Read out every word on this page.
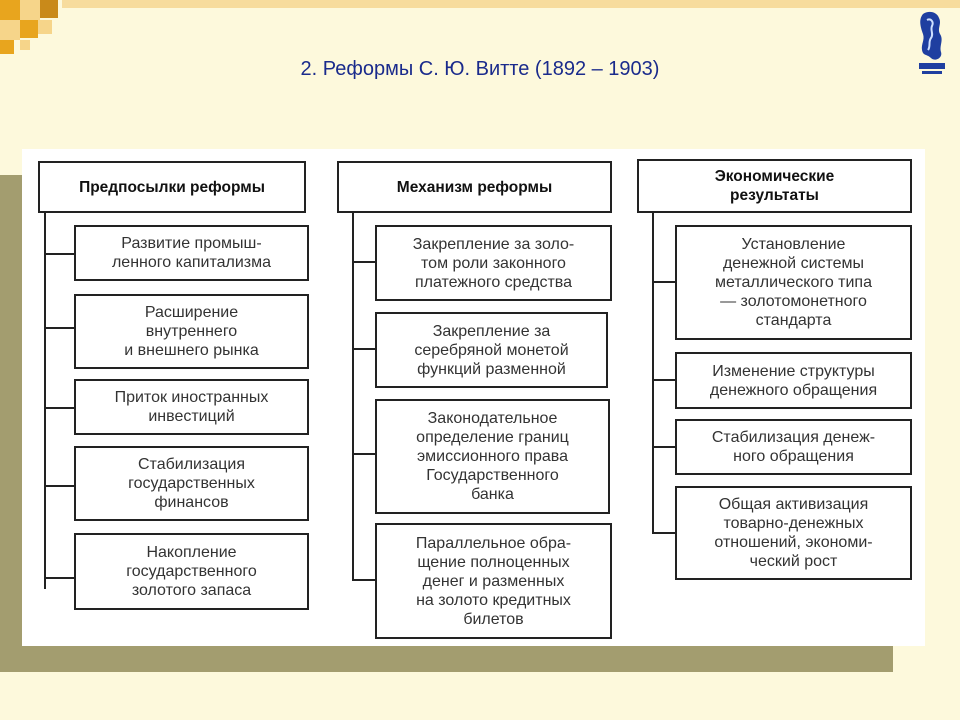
2. Реформы С. Ю. Витте (1892 – 1903)
Предпосылки реформы
Развитие промыш-
ленного капитализма
Расширение
внутреннего
и внешнего рынка
Приток иностранных
инвестиций
Стабилизация
государственных
финансов
Накопление
государственного
золотого запаса
Механизм реформы
Закрепление за золо-
том роли законного
платежного средства
Закрепление за
серебряной монетой
функций разменной
Законодательное
определение границ
эмиссионного права
Государственного
банка
Параллельное обра-
щение полноценных
денег и разменных
на золото кредитных
билетов
Экономические
результаты
Установление
денежной системы
металлического типа
— золотомонетного
стандарта
Изменение структуры
денежного обращения
Стабилизация денеж-
ного обращения
Общая активизация
товарно-денежных
отношений, экономи-
ческий рост
